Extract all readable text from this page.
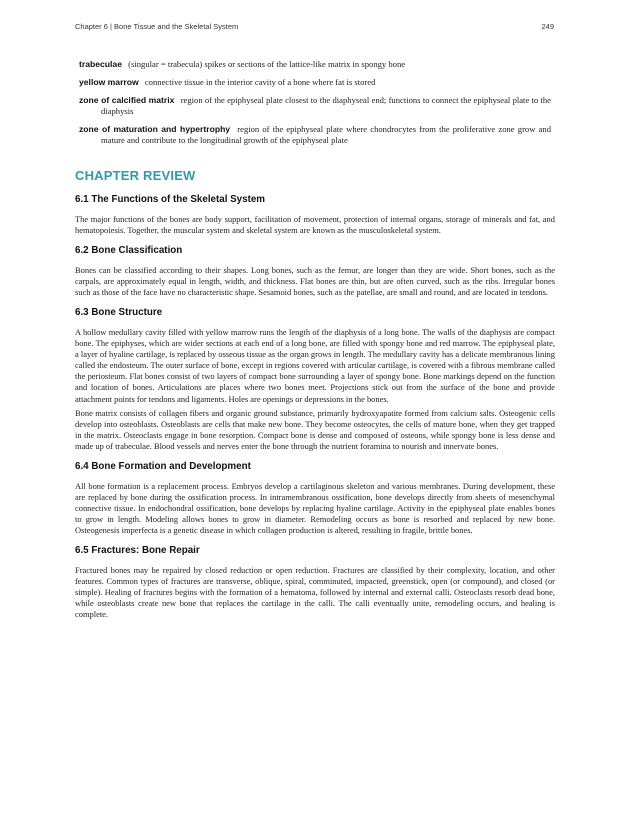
Chapter 6 | Bone Tissue and the Skeletal System	249
trabeculae (singular = trabecula) spikes or sections of the lattice-like matrix in spongy bone
yellow marrow connective tissue in the interior cavity of a bone where fat is stored
zone of calcified matrix region of the epiphyseal plate closest to the diaphyseal end; functions to connect the epiphyseal plate to the diaphysis
zone of maturation and hypertrophy region of the epiphyseal plate where chondrocytes from the proliferative zone grow and mature and contribute to the longitudinal growth of the epiphyseal plate
CHAPTER REVIEW
6.1 The Functions of the Skeletal System

The major functions of the bones are body support, facilitation of movement, protection of internal organs, storage of minerals and fat, and hematopoiesis. Together, the muscular system and skeletal system are known as the musculoskeletal system.

6.2 Bone Classification

Bones can be classified according to their shapes. Long bones, such as the femur, are longer than they are wide. Short bones, such as the carpals, are approximately equal in length, width, and thickness. Flat bones are thin, but are often curved, such as the ribs. Irregular bones such as those of the face have no characteristic shape. Sesamoid bones, such as the patellae, are small and round, and are located in tendons.

6.3 Bone Structure

A hollow medullary cavity filled with yellow marrow runs the length of the diaphysis of a long bone. The walls of the diaphysis are compact bone. The epiphyses, which are wider sections at each end of a long bone, are filled with spongy bone and red marrow. The epiphyseal plate, a layer of hyaline cartilage, is replaced by osseous tissue as the organ grows in length. The medullary cavity has a delicate membranous lining called the endosteum. The outer surface of bone, except in regions covered with articular cartilage, is covered with a fibrous membrane called the periosteum. Flat bones consist of two layers of compact bone surrounding a layer of spongy bone. Bone markings depend on the function and location of bones. Articulations are places where two bones meet. Projections stick out from the surface of the bone and provide attachment points for tendons and ligaments. Holes are openings or depressions in the bones.

Bone matrix consists of collagen fibers and organic ground substance, primarily hydroxyapatite formed from calcium salts. Osteogenic cells develop into osteoblasts. Osteoblasts are cells that make new bone. They become osteocytes, the cells of mature bone, when they get trapped in the matrix. Osteoclasts engage in bone resorption. Compact bone is dense and composed of osteons, while spongy bone is less dense and made up of trabeculae. Blood vessels and nerves enter the bone through the nutrient foramina to nourish and innervate bones.

6.4 Bone Formation and Development

All bone formation is a replacement process. Embryos develop a cartilaginous skeleton and various membranes. During development, these are replaced by bone during the ossification process. In intramembranous ossification, bone develops directly from sheets of mesenchymal connective tissue. In endochondral ossification, bone develops by replacing hyaline cartilage. Activity in the epiphyseal plate enables bones to grow in length. Modeling allows bones to grow in diameter. Remodeling occurs as bone is resorbed and replaced by new bone. Osteogenesis imperfecta is a genetic disease in which collagen production is altered, resulting in fragile, brittle bones.

6.5 Fractures: Bone Repair

Fractured bones may be repaired by closed reduction or open reduction. Fractures are classified by their complexity, location, and other features. Common types of fractures are transverse, oblique, spiral, comminuted, impacted, greenstick, open (or compound), and closed (or simple). Healing of fractures begins with the formation of a hematoma, followed by internal and external calli. Osteoclasts resorb dead bone, while osteoblasts create new bone that replaces the cartilage in the calli. The calli eventually unite, remodeling occurs, and healing is complete.
